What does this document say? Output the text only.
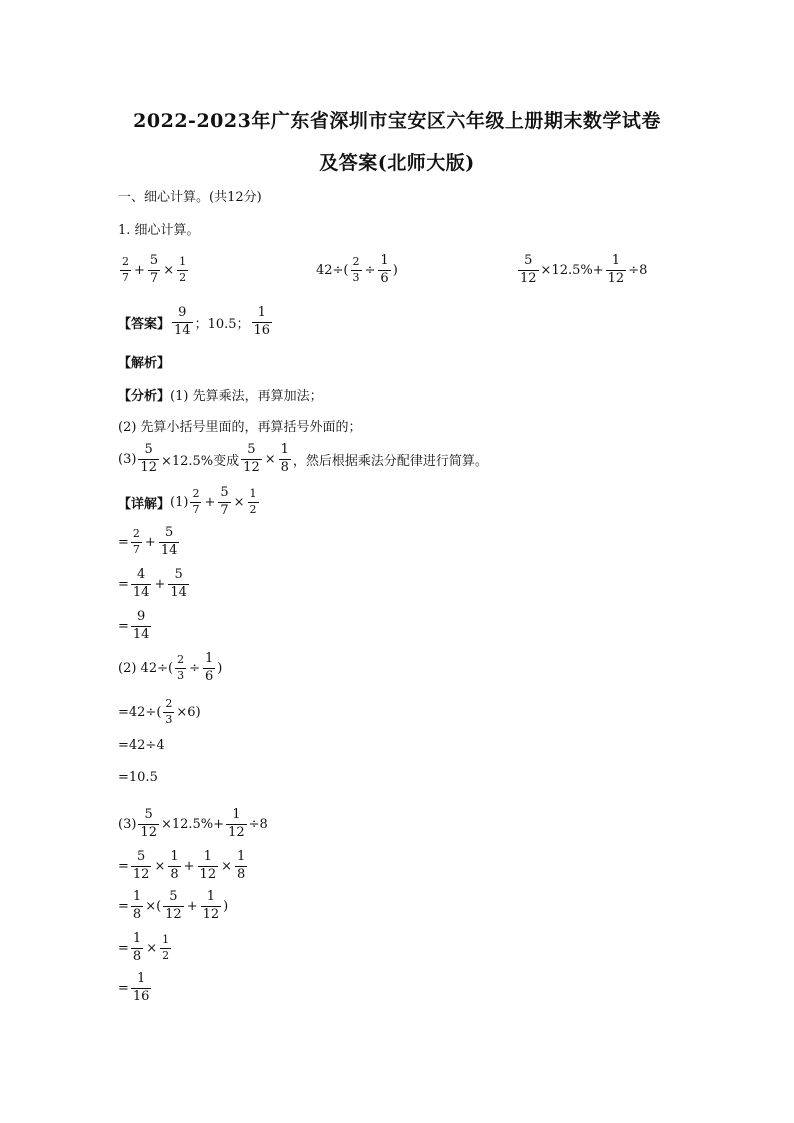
2022-2023年广东省深圳市宝安区六年级上册期末数学试卷
及答案(北师大版)
一、细心计算。(共12分)
1. 细心计算。
$\frac{2}{7} + \frac{5}{7} \times \frac{1}{2}$	$42\div( \frac{2}{3} \div \frac{1}{6}$ )	$\frac{5}{12} \times 12.5\%+ \frac{1}{12} \div 8$
【答案】 $\frac{9}{14}$ ；10.5； $\frac{1}{16}$
【解析】
【分析】 (1) 先算乘法，再算加法；
(2) 先算小括号里面的，再算括号外面的；
$(3) \frac{5}{12} \times 12.5\%$变成 $\frac{5}{12} \times \frac{1}{8}$ ，然后根据乘法分配律进行简算。
【详解】 $(1) \frac{2}{7} + \frac{5}{7} \times \frac{1}{2}$
= $\frac{2}{7} + \frac{5}{14}$
= $\frac{4}{14} + \frac{5}{14}$
= $\frac{9}{14}$
(2) $42\div( \frac{2}{3} \div \frac{1}{6}$ )
$=42\div( \frac{2}{3} \times 6)$
=42÷4
=10.5
$(3) \frac{5}{12} \times 12.5\%+ \frac{1}{12} \div 8$
= $\frac{5}{12} \times \frac{1}{8} + \frac{1}{12} \times \frac{1}{8}$
= $\frac{1}{8}$ ×( $\frac{5}{12} + \frac{1}{12}$ )
= $\frac{1}{8} \times \frac{1}{2}$
= $\frac{1}{16}$
